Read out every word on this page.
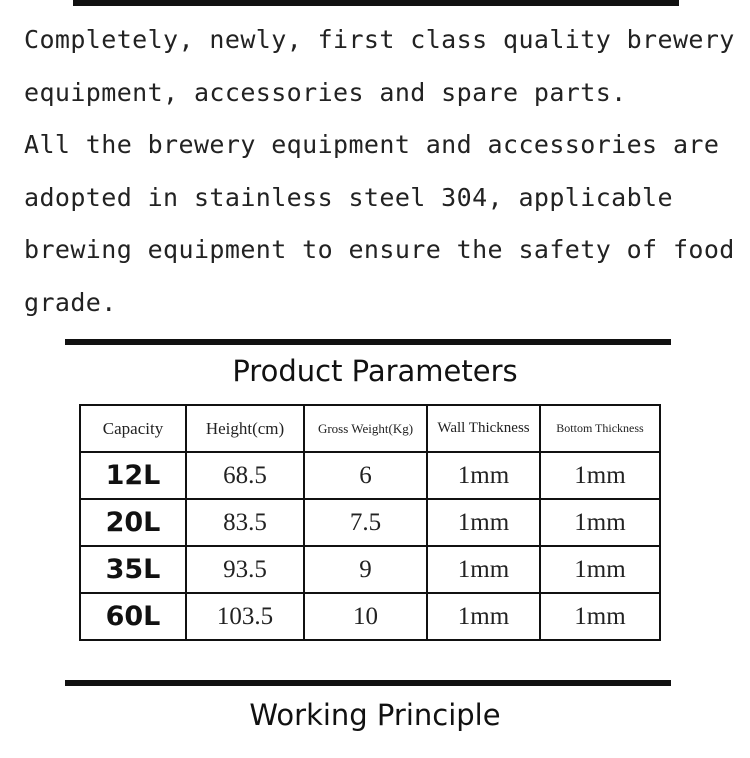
Completely, newly, first class quality brewery

equipment, accessories and spare parts.

All the brewery equipment and accessories are

adopted in stainless steel 304, applicable

brewing equipment to ensure the safety of food

grade.

Product Parameters
Capacity	Height(cm)	Gross Weight(Kg)	Wall Thickness	Bottom Thickness
12L	68.5	6	1mm	1mm
20L	83.5	7.5	1mm	1mm
35L	93.5	9	1mm	1mm
60L	103.5	10	1mm	1mm
Working Principle
